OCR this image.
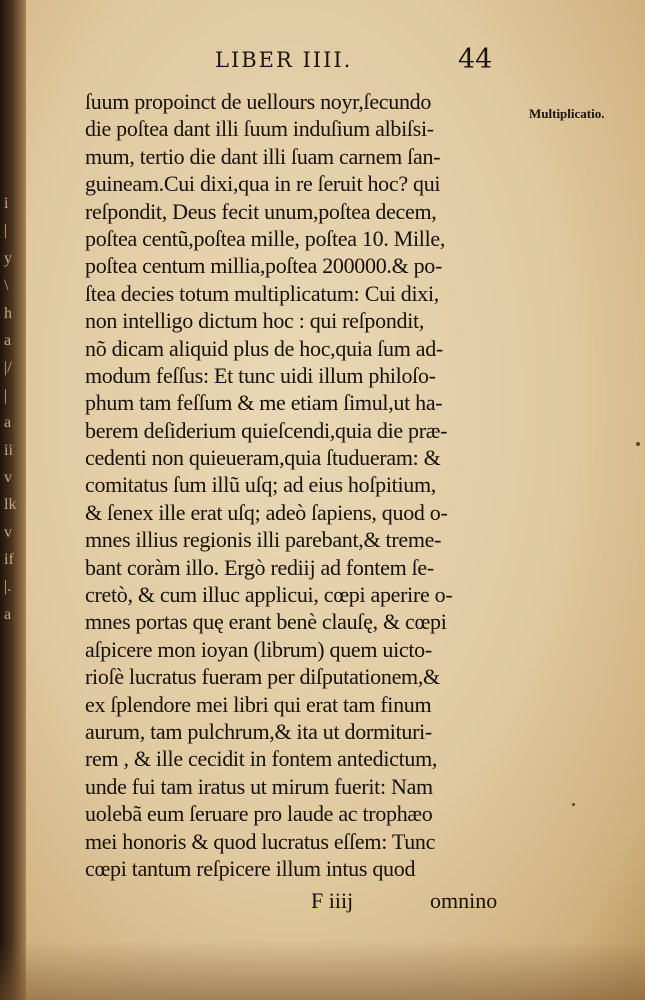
i
|
y
\
h
a
|/
|
a
ii
v
lk
v
if
|.
a
LIBER IIII.	44
Multiplicatio.
ſuum propoinct de uellours noyr,ſecundo
die poſtea dant illi ſuum induſium albiſsi-
mum, tertio die dant illi ſuam carnem ſan-
guineam.Cui dixi,qua in re ſeruit hoc? qui
reſpondit, Deus fecit unum,poſtea decem,
poſtea centũ,poſtea mille, poſtea 10. Mille,
poſtea centum millia,poſtea 200000.& po-
ſtea decies totum multiplicatum: Cui dixi,
non intelligo dictum hoc : qui reſpondit,
nõ dicam aliquid plus de hoc,quia ſum ad-
modum feſſus: Et tunc uidi illum philoſo-
phum tam feſſum & me etiam ſimul,ut ha-
berem deſiderium quieſcendi,quia die præ-
cedenti non quieueram,quia ſtudueram: &
comitatus ſum illũ uſq; ad eius hoſpitium,
& ſenex ille erat uſq; adeò ſapiens, quod o-
mnes illius regionis illi parebant,& treme-
bant coràm illo. Ergò rediĳ ad fontem ſe-
cretò, & cum illuc applicui, cœpi aperire o-
mnes portas quę erant benè clauſę, & cœpi
aſpicere mon ioyan (librum) quem uicto-
rioſè lucratus fueram per diſputationem,&
ex ſplendore mei libri qui erat tam finum
aurum, tam pulchrum,& ita ut dormituri-
rem , & ille cecidit in fontem antedictum,
unde fui tam iratus ut mirum fuerit: Nam
uolebã eum ſeruare pro laude ac trophæo
mei honoris & quod lucratus eſſem: Tunc
cœpi tantum reſpicere illum intus quod
F iiĳ	omnino
